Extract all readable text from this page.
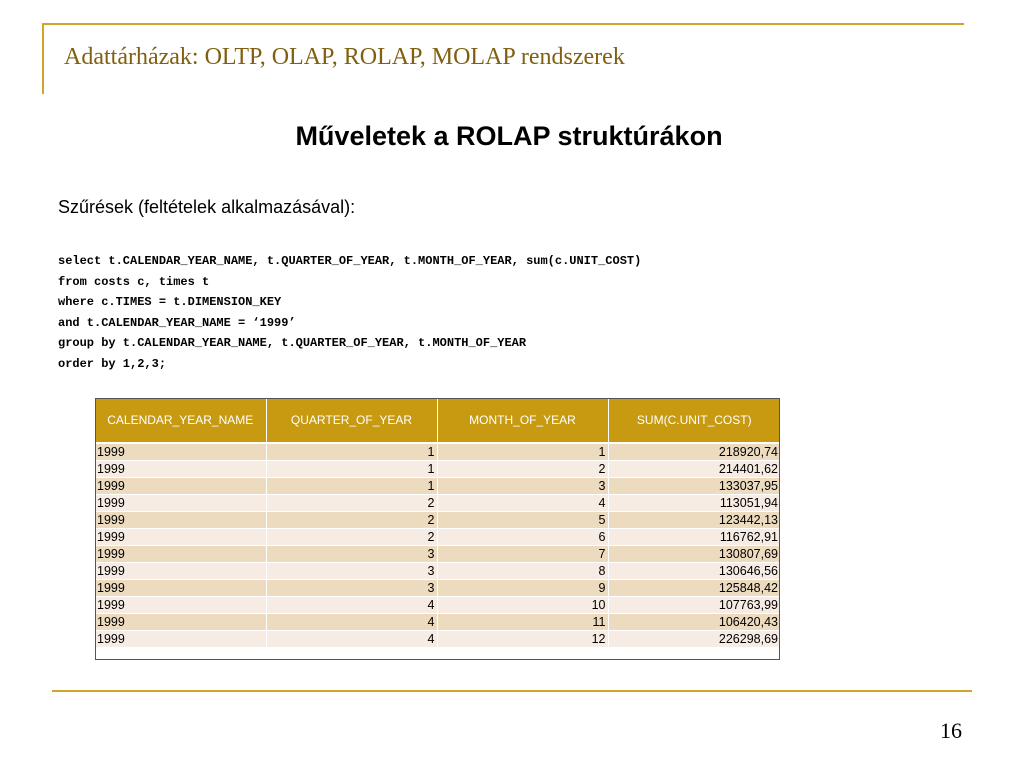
Adattárházak: OLTP, OLAP, ROLAP, MOLAP rendszerek
Műveletek a ROLAP struktúrákon
Szűrések (feltételek alkalmazásával):
select t.CALENDAR_YEAR_NAME, t.QUARTER_OF_YEAR, t.MONTH_OF_YEAR, sum(c.UNIT_COST)
from costs c, times t
where c.TIMES = t.DIMENSION_KEY
and t.CALENDAR_YEAR_NAME = ‘1999’
group by t.CALENDAR_YEAR_NAME, t.QUARTER_OF_YEAR, t.MONTH_OF_YEAR
order by 1,2,3;
CALENDAR_YEAR_NAME	QUARTER_OF_YEAR	MONTH_OF_YEAR	SUM(C.UNIT_COST)
1999	1	1	218920,74
1999	1	2	214401,62
1999	1	3	133037,95
1999	2	4	113051,94
1999	2	5	123442,13
1999	2	6	116762,91
1999	3	7	130807,69
1999	3	8	130646,56
1999	3	9	125848,42
1999	4	10	107763,99
1999	4	11	106420,43
1999	4	12	226298,69
16
